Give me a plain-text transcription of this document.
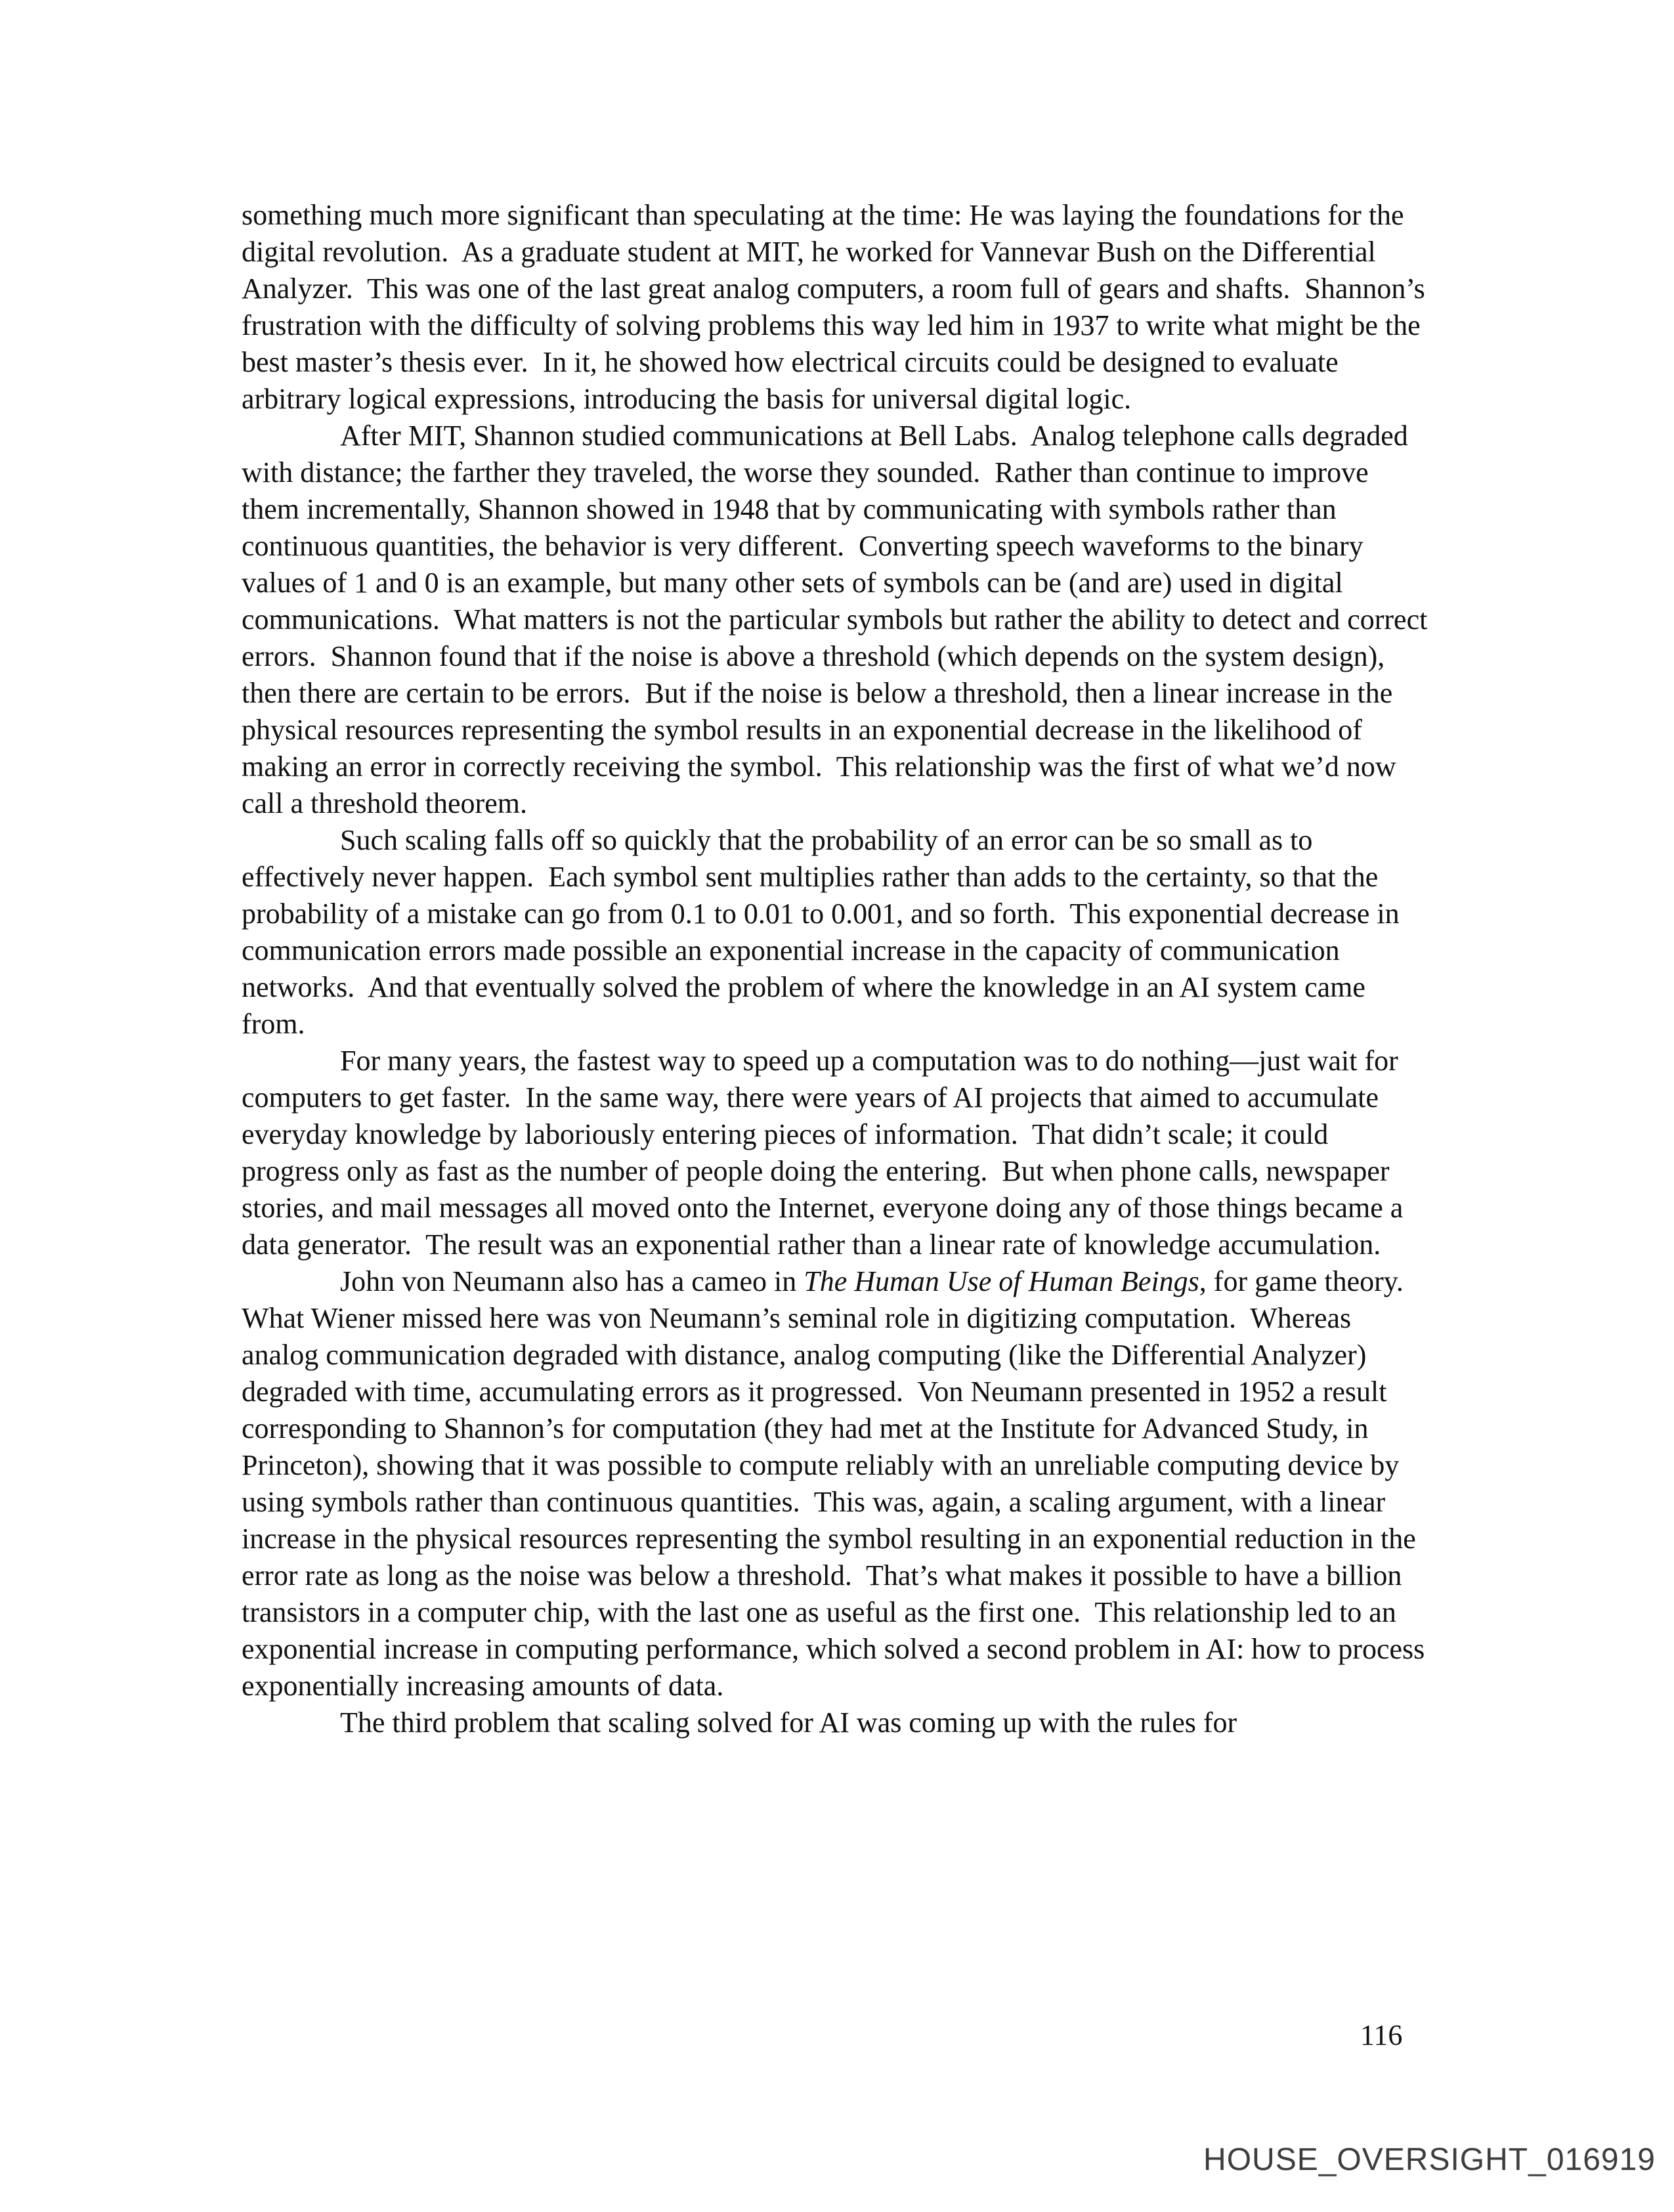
something much more significant than speculating at the time: He was laying the foundations for the digital revolution.  As a graduate student at MIT, he worked for Vannevar Bush on the Differential Analyzer.  This was one of the last great analog computers, a room full of gears and shafts.  Shannon’s frustration with the difficulty of solving problems this way led him in 1937 to write what might be the best master’s thesis ever.  In it, he showed how electrical circuits could be designed to evaluate arbitrary logical expressions, introducing the basis for universal digital logic.

After MIT, Shannon studied communications at Bell Labs.  Analog telephone calls degraded with distance; the farther they traveled, the worse they sounded.  Rather than continue to improve them incrementally, Shannon showed in 1948 that by communicating with symbols rather than continuous quantities, the behavior is very different.  Converting speech waveforms to the binary values of 1 and 0 is an example, but many other sets of symbols can be (and are) used in digital communications.  What matters is not the particular symbols but rather the ability to detect and correct errors.  Shannon found that if the noise is above a threshold (which depends on the system design), then there are certain to be errors.  But if the noise is below a threshold, then a linear increase in the physical resources representing the symbol results in an exponential decrease in the likelihood of making an error in correctly receiving the symbol.  This relationship was the first of what we’d now call a threshold theorem.

Such scaling falls off so quickly that the probability of an error can be so small as to effectively never happen.  Each symbol sent multiplies rather than adds to the certainty, so that the probability of a mistake can go from 0.1 to 0.01 to 0.001, and so forth.  This exponential decrease in communication errors made possible an exponential increase in the capacity of communication networks.  And that eventually solved the problem of where the knowledge in an AI system came from.

For many years, the fastest way to speed up a computation was to do nothing—just wait for computers to get faster.  In the same way, there were years of AI projects that aimed to accumulate everyday knowledge by laboriously entering pieces of information.  That didn’t scale; it could progress only as fast as the number of people doing the entering.  But when phone calls, newspaper stories, and mail messages all moved onto the Internet, everyone doing any of those things became a data generator.  The result was an exponential rather than a linear rate of knowledge accumulation.

John von Neumann also has a cameo in The Human Use of Human Beings, for game theory.  What Wiener missed here was von Neumann’s seminal role in digitizing computation.  Whereas analog communication degraded with distance, analog computing (like the Differential Analyzer) degraded with time, accumulating errors as it progressed.  Von Neumann presented in 1952 a result corresponding to Shannon’s for computation (they had met at the Institute for Advanced Study, in Princeton), showing that it was possible to compute reliably with an unreliable computing device by using symbols rather than continuous quantities.  This was, again, a scaling argument, with a linear increase in the physical resources representing the symbol resulting in an exponential reduction in the error rate as long as the noise was below a threshold.  That’s what makes it possible to have a billion transistors in a computer chip, with the last one as useful as the first one.  This relationship led to an exponential increase in computing performance, which solved a second problem in AI: how to process exponentially increasing amounts of data.

The third problem that scaling solved for AI was coming up with the rules for

116
HOUSE_OVERSIGHT_016919
